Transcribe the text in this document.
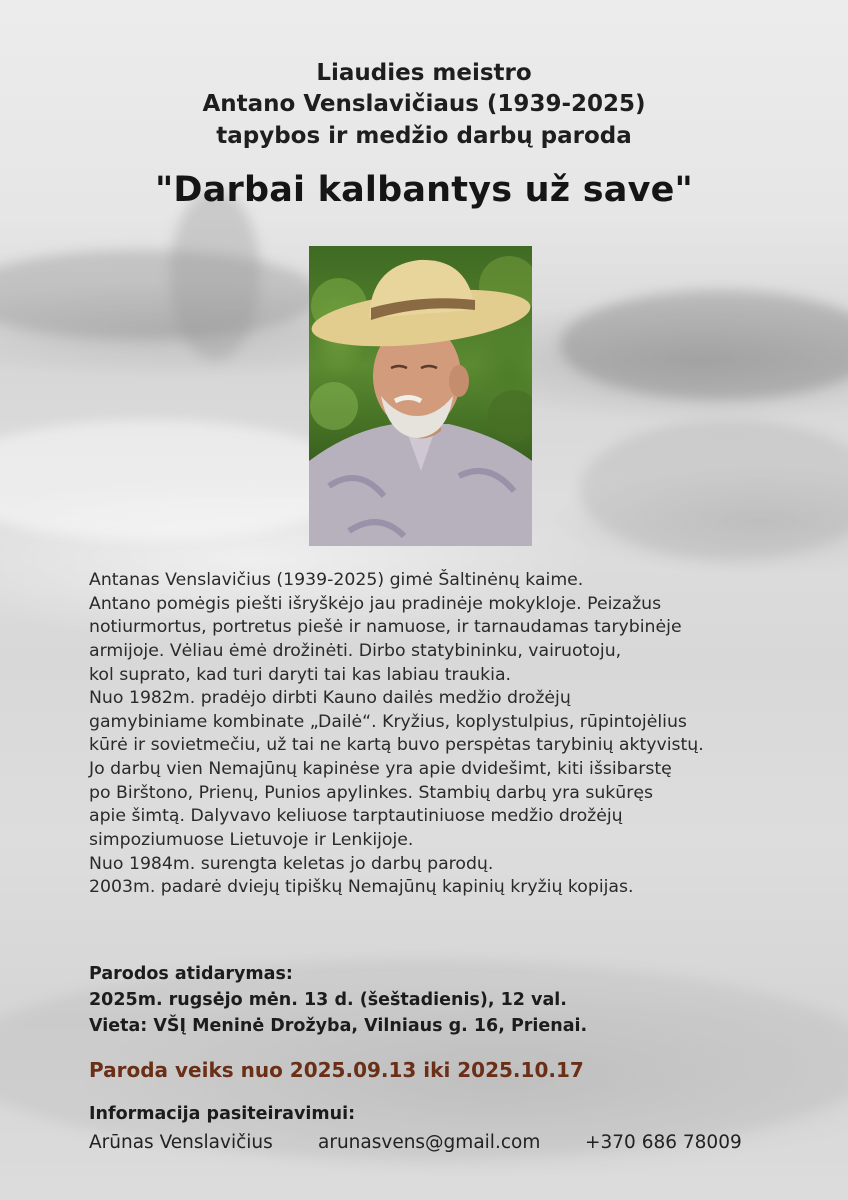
Liaudies meistro
Antano Venslavičiaus (1939-2025)
tapybos ir medžio darbų paroda
"Darbai kalbantys už save"
Antanas Venslavičius (1939-2025) gimė Šaltinėnų kaime.
Antano pomėgis piešti išryškėjo jau pradinėje mokykloje. Peizažus
notiurmortus, portretus piešė ir namuose, ir tarnaudamas tarybinėje
armijoje. Vėliau ėmė drožinėti. Dirbo statybininku, vairuotoju,
kol suprato, kad turi daryti tai kas labiau traukia.
Nuo 1982m. pradėjo dirbti Kauno dailės medžio drožėjų
gamybiniame kombinate „Dailė“. Kryžius, koplystulpius, rūpintojėlius
kūrė ir sovietmečiu, už tai ne kartą buvo perspėtas tarybinių aktyvistų.
Jo darbų vien Nemajūnų kapinėse yra apie dvidešimt, kiti išsibarstę
po Birštono, Prienų, Punios apylinkes. Stambių darbų yra sukūręs
apie šimtą. Dalyvavo keliuose tarptautiniuose medžio drožėjų
simpoziumuose Lietuvoje ir Lenkijoje.
Nuo 1984m. surengta keletas jo darbų parodų.
2003m. padarė dviejų tipiškų Nemajūnų kapinių kryžių kopijas.
Parodos atidarymas:
2025m. rugsėjo mėn. 13 d. (šeštadienis), 12 val.
Vieta: VŠĮ Meninė Drožyba, Vilniaus g. 16, Prienai.
Paroda veiks nuo 2025.09.13 iki 2025.10.17
Informacija pasiteiravimui:
Arūnas Venslavičius arunasvens@gmail.com +370 686 78009
